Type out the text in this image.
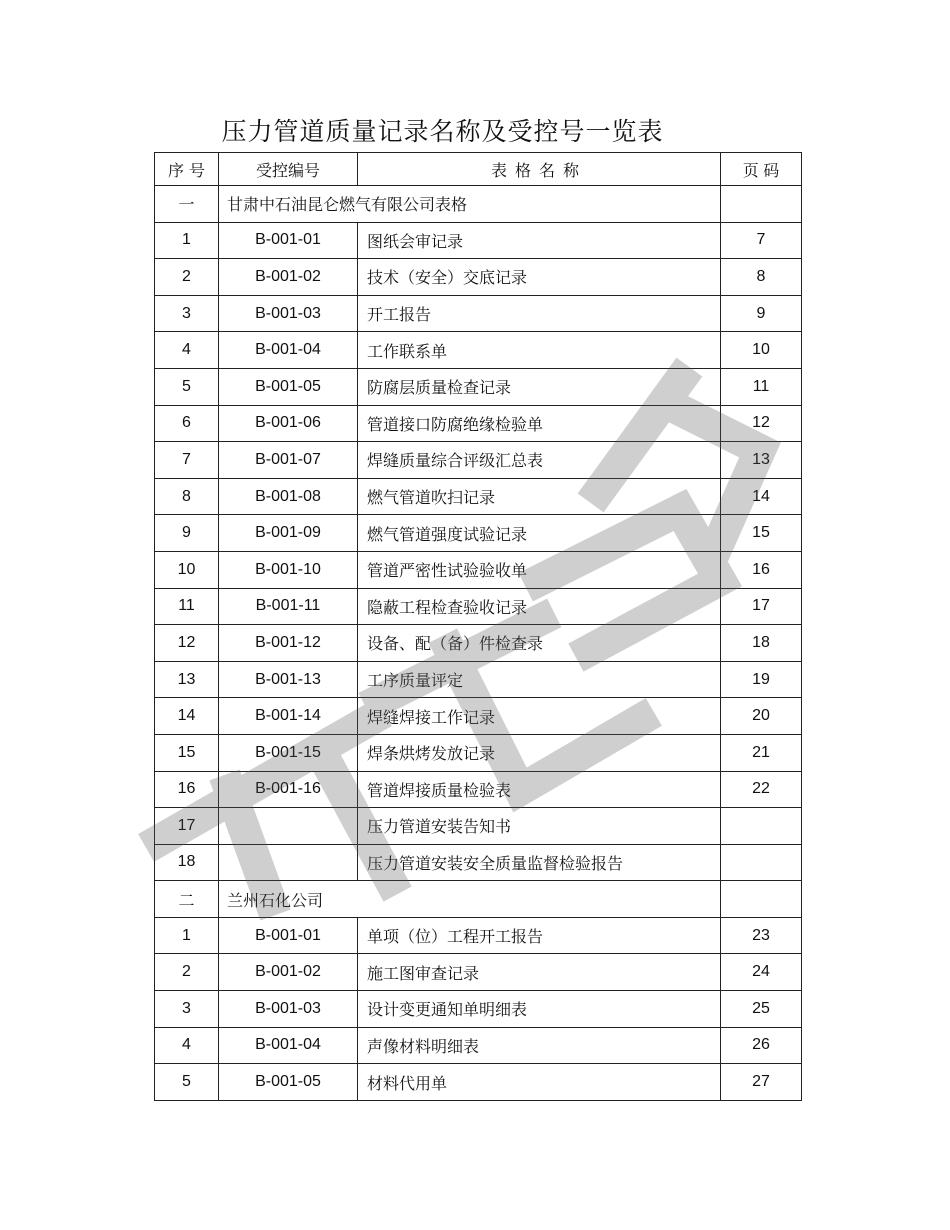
压力管道质量记录名称及受控号一览表
序 号	受控编号	表格名称	页 码
一	甘肃中石油昆仑燃气有限公司表格		
1	B-001-01	图纸会审记录	7
2	B-001-02	技术（安全）交底记录	8
3	B-001-03	开工报告	9
4	B-001-04	工作联系单	10
5	B-001-05	防腐层质量检查记录	11
6	B-001-06	管道接口防腐绝缘检验单	12
7	B-001-07	焊缝质量综合评级汇总表	13
8	B-001-08	燃气管道吹扫记录	14
9	B-001-09	燃气管道强度试验记录	15
10	B-001-10	管道严密性试验验收单	16
11	B-001-11	隐蔽工程检查验收记录	17
12	B-001-12	设备、配（备）件检查录	18
13	B-001-13	工序质量评定	19
14	B-001-14	焊缝焊接工作记录	20
15	B-001-15	焊条烘烤发放记录	21
16	B-001-16	管道焊接质量检验表	22
17		压力管道安装告知书	
18		压力管道安装安全质量监督检验报告	
二	兰州石化公司		
1	B-001-01	单项（位）工程开工报告	23
2	B-001-02	施工图审查记录	24
3	B-001-03	设计变更通知单明细表	25
4	B-001-04	声像材料明细表	26
5	B-001-05	材料代用单	27
